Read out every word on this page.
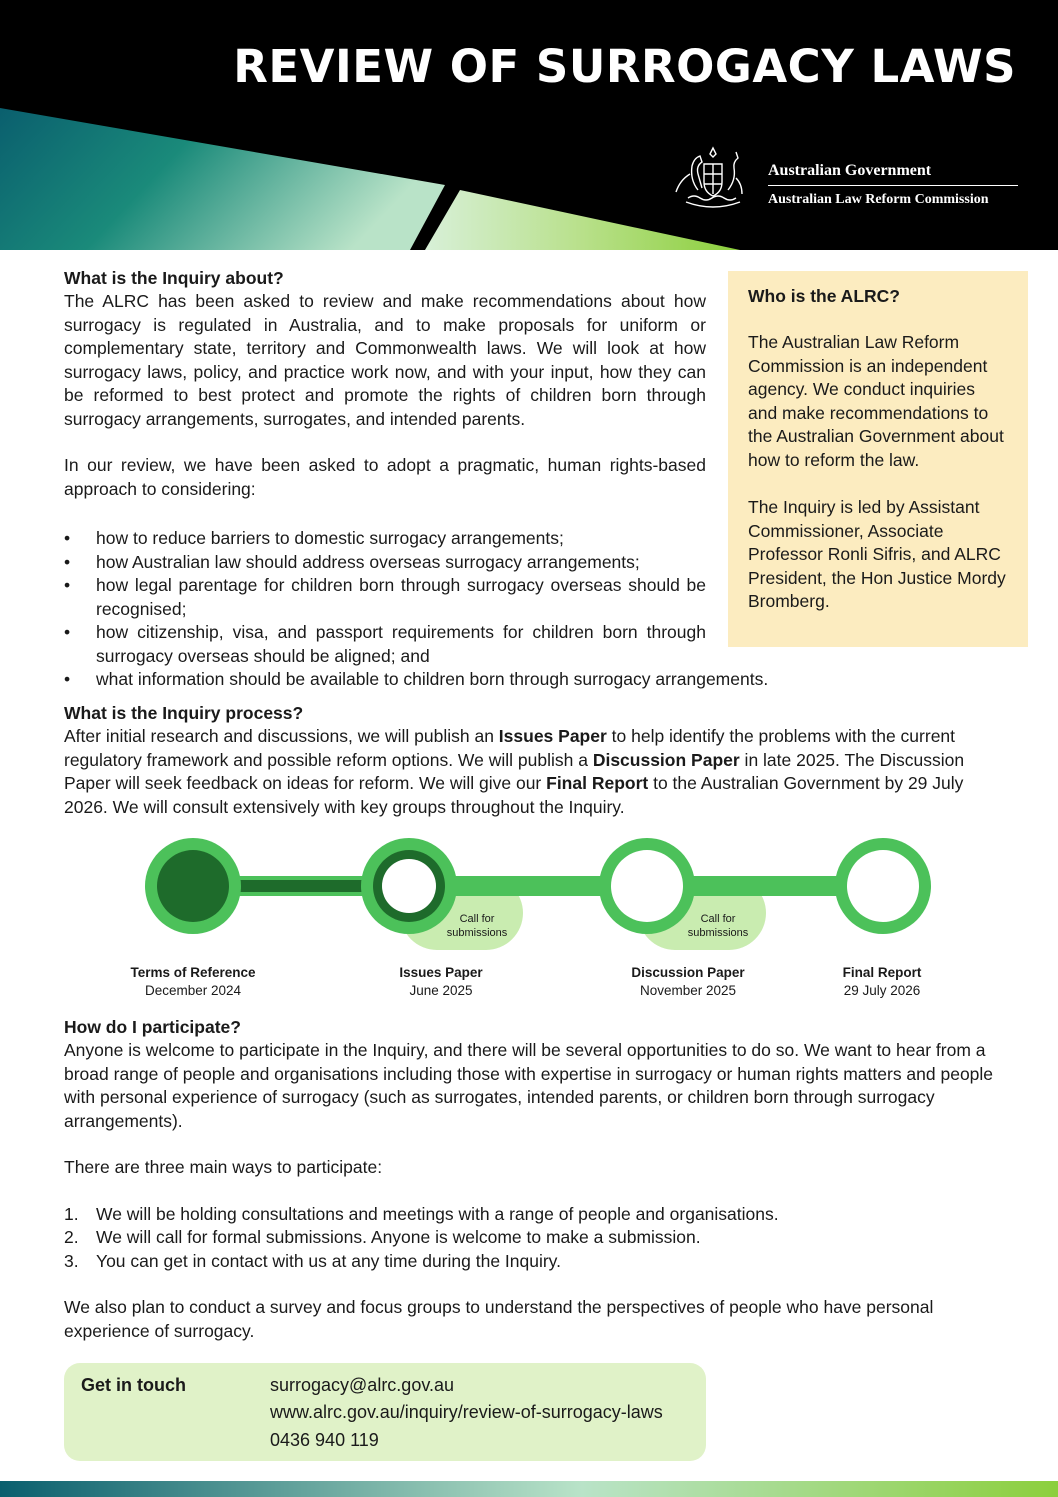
REVIEW OF SURROGACY LAWS
Australian Government
Australian Law Reform Commission
What is the Inquiry about?

The ALRC has been asked to review and make recommendations about how surrogacy is regulated in Australia, and to make proposals for uniform or complementary state, territory and Commonwealth laws. We will look at how surrogacy laws, policy, and practice work now, and with your input, how they can be reformed to best protect and promote the rights of children born through surrogacy arrangements, surrogates, and intended parents.

In our review, we have been asked to adopt a pragmatic, human rights-based approach to considering:

• how to reduce barriers to domestic surrogacy arrangements;
• how Australian law should address overseas surrogacy arrangements;
• how legal parentage for children born through surrogacy overseas should be recognised;
• how citizenship, visa, and passport requirements for children born through surrogacy overseas should be aligned; and
• what information should be available to children born through surrogacy arrangements.
Who is the ALRC?

The Australian Law Reform Commission is an independent agency. We conduct inquiries and make recommendations to the Australian Government about how to reform the law.

The Inquiry is led by Assistant Commissioner, Associate Professor Ronli Sifris, and ALRC President, the Hon Justice Mordy Bromberg.

What is the Inquiry process?

After initial research and discussions, we will publish an Issues Paper to help identify the problems with the current regulatory framework and possible reform options. We will publish a Discussion Paper in late 2025. The Discussion Paper will seek feedback on ideas for reform. We will give our Final Report to the Australian Government by 29 July 2026. We will consult extensively with key groups throughout the Inquiry.

Call for
submissions
Call for
submissions
Terms of Reference
December 2024
Issues Paper
June 2025
Discussion Paper
November 2025
Final Report
29 July 2026
How do I participate?

Anyone is welcome to participate in the Inquiry, and there will be several opportunities to do so. We want to hear from a broad range of people and organisations including those with expertise in surrogacy or human rights matters and people with personal experience of surrogacy (such as surrogates, intended parents, or children born through surrogacy arrangements).

There are three main ways to participate:

1. We will be holding consultations and meetings with a range of people and organisations.
2. We will call for formal submissions. Anyone is welcome to make a submission.
3. You can get in contact with us at any time during the Inquiry.

We also plan to conduct a survey and focus groups to understand the perspectives of people who have personal experience of surrogacy.

Get in touch	surrogacy@alrc.gov.au
www.alrc.gov.au/inquiry/review-of-surrogacy-laws
0436 940 119
